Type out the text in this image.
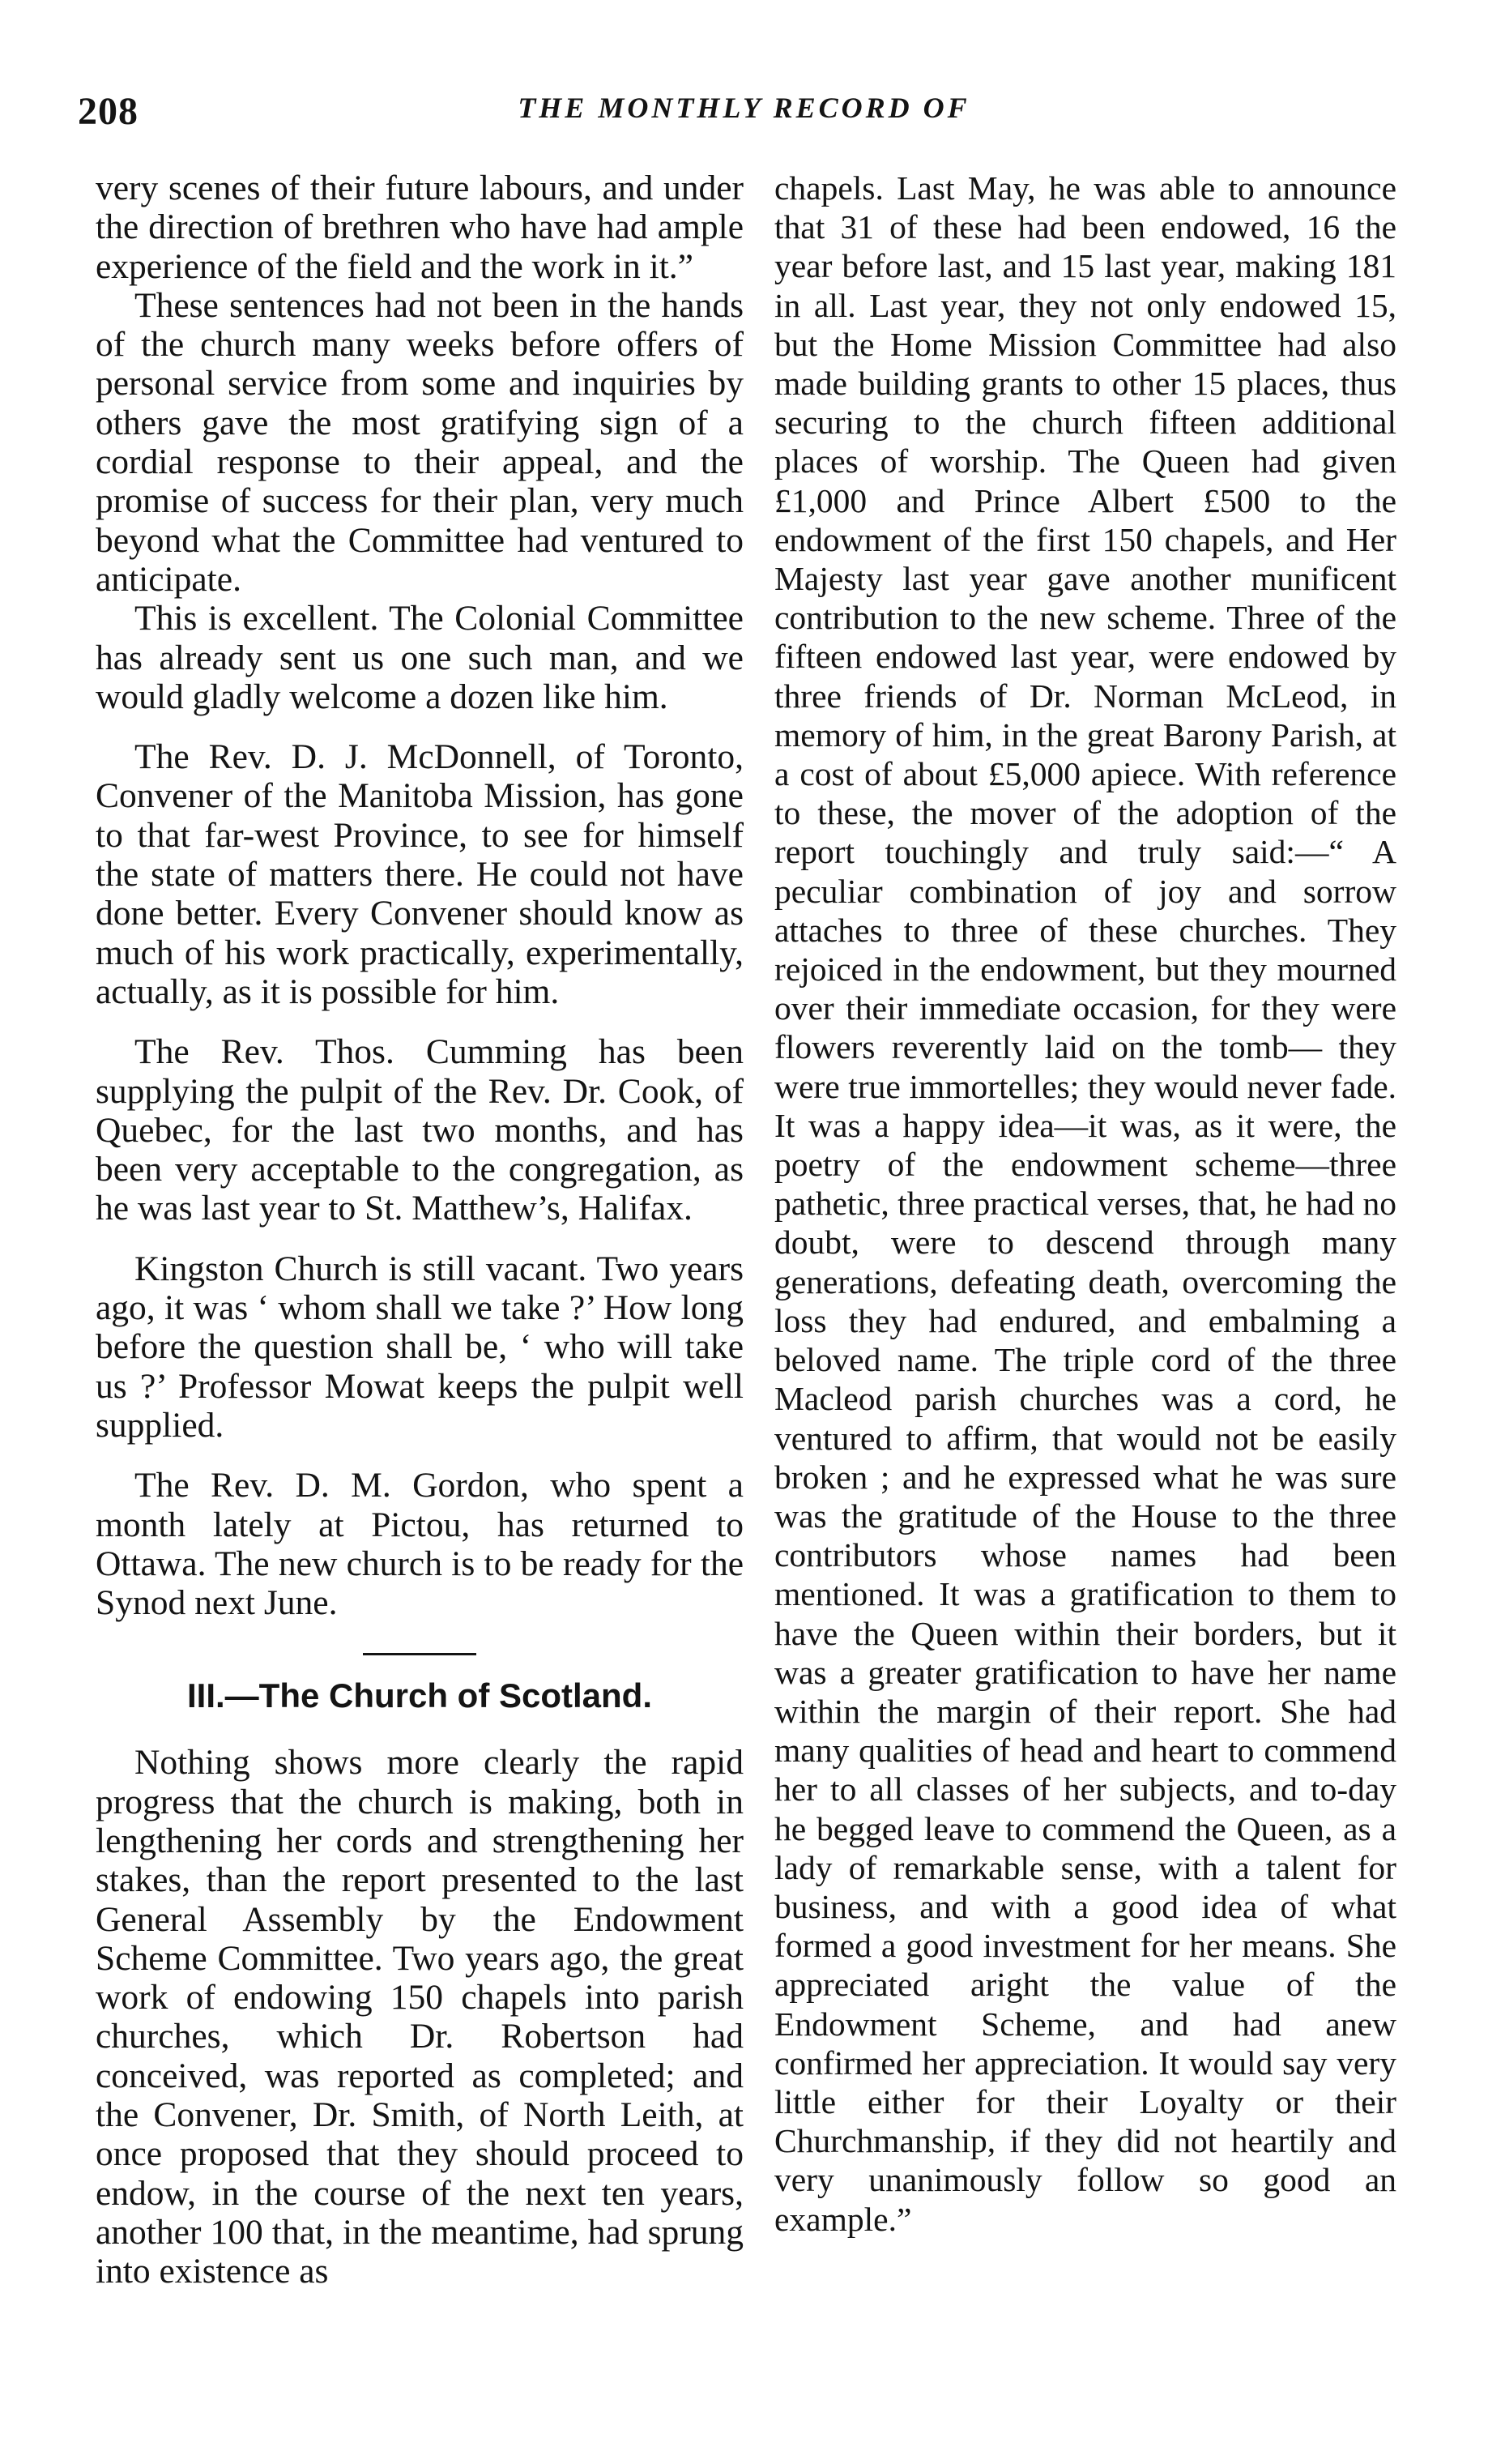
208	THE MONTHLY RECORD OF

very scenes of their future labours, and under the direction of brethren who have had ample experience of the field and the work in it.”

These sentences had not been in the hands of the church many weeks before offers of personal service from some and inquiries by others gave the most gratifying sign of a cordial response to their appeal, and the promise of success for their plan, very much beyond what the Committee had ventured to anticipate.

This is excellent. The Colonial Committee has already sent us one such man, and we would gladly welcome a dozen like him.

The Rev. D. J. McDonnell, of Toronto, Convener of the Manitoba Mission, has gone to that far-west Province, to see for himself the state of matters there. He could not have done better. Every Convener should know as much of his work practically, experimentally, actually, as it is possible for him.

The Rev. Thos. Cumming has been supplying the pulpit of the Rev. Dr. Cook, of Quebec, for the last two months, and has been very acceptable to the congregation, as he was last year to St. Matthew’s, Halifax.

Kingston Church is still vacant. Two years ago, it was ‘ whom shall we take ?’ How long before the question shall be, ‘ who will take us ?’ Professor Mowat keeps the pulpit well supplied.

The Rev. D. M. Gordon, who spent a month lately at Pictou, has returned to Ottawa. The new church is to be ready for the Synod next June.

III.—The Church of Scotland.

Nothing shows more clearly the rapid progress that the church is making, both in lengthening her cords and strengthening her stakes, than the report presented to the last General Assembly by the Endowment Scheme Committee. Two years ago, the great work of endowing 150 chapels into parish churches, which Dr. Robertson had conceived, was reported as completed; and the Convener, Dr. Smith, of North Leith, at once proposed that they should proceed to endow, in the course of the next ten years, another 100 that, in the meantime, had sprung into existence as

chapels. Last May, he was able to announce that 31 of these had been endowed, 16 the year before last, and 15 last year, making 181 in all. Last year, they not only endowed 15, but the Home Mission Committee had also made building grants to other 15 places, thus securing to the church fifteen additional places of worship. The Queen had given £1,000 and Prince Albert £500 to the endowment of the first 150 chapels, and Her Majesty last year gave another munificent contribution to the new scheme. Three of the fifteen endowed last year, were endowed by three friends of Dr. Norman McLeod, in memory of him, in the great Barony Parish, at a cost of about £5,000 apiece. With reference to these, the mover of the adoption of the report touchingly and truly said:—“ A peculiar combination of joy and sorrow attaches to three of these churches. They rejoiced in the endowment, but they mourned over their immediate occasion, for they were flowers reverently laid on the tomb— they were true immortelles; they would never fade. It was a happy idea—it was, as it were, the poetry of the endowment scheme—three pathetic, three practical verses, that, he had no doubt, were to descend through many generations, defeating death, overcoming the loss they had endured, and embalming a beloved name. The triple cord of the three Macleod parish churches was a cord, he ventured to affirm, that would not be easily broken ; and he expressed what he was sure was the gratitude of the House to the three contributors whose names had been mentioned. It was a gratification to them to have the Queen within their borders, but it was a greater gratification to have her name within the margin of their report. She had many qualities of head and heart to commend her to all classes of her subjects, and to-day he begged leave to commend the Queen, as a lady of remarkable sense, with a talent for business, and with a good idea of what formed a good investment for her means. She appreciated aright the value of the Endowment Scheme, and had anew confirmed her appreciation. It would say very little either for their Loyalty or their Churchmanship, if they did not heartily and very unanimously follow so good an example.”
